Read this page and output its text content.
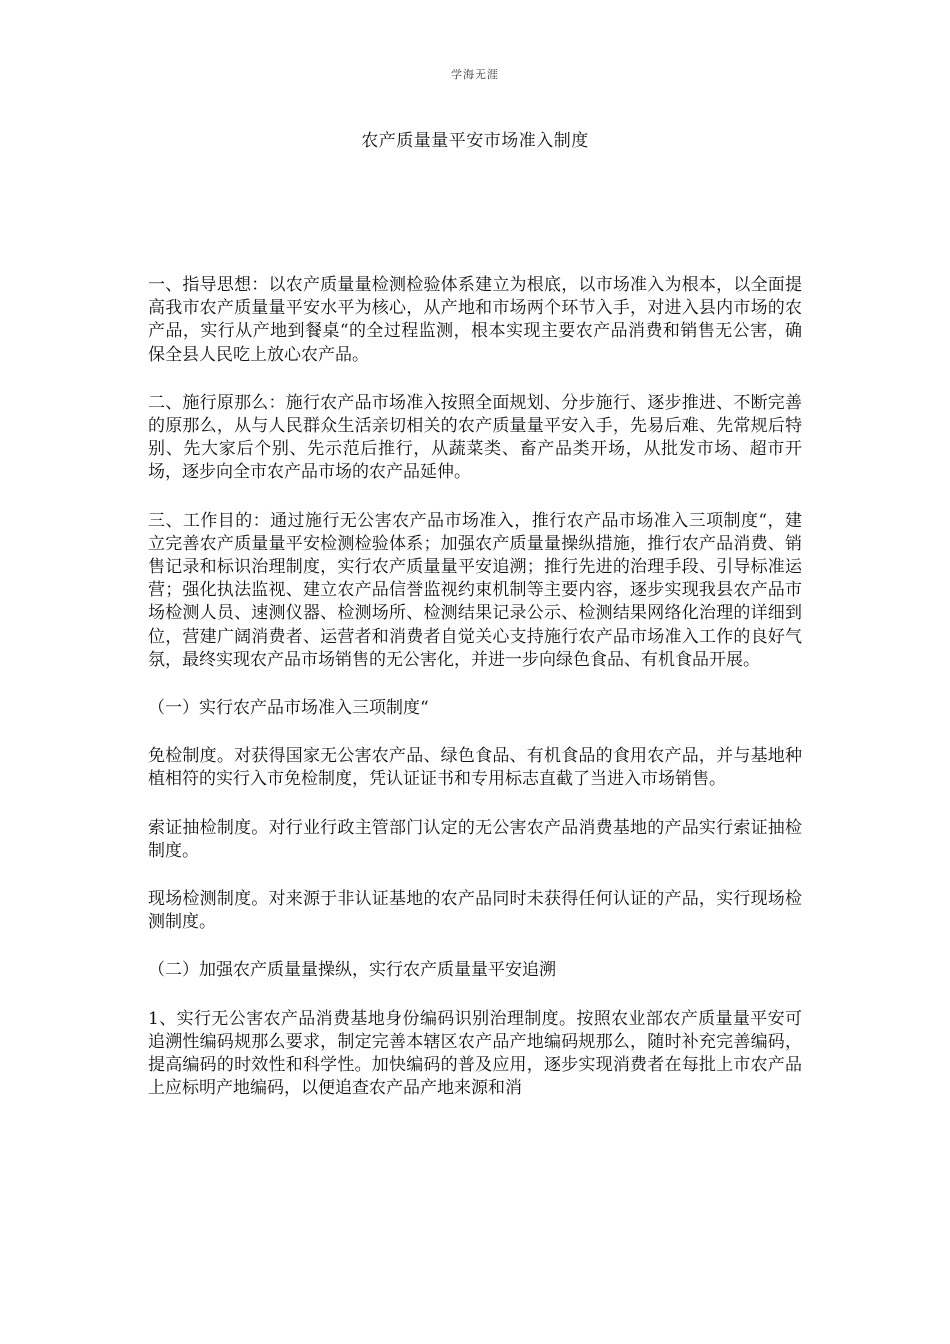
学海无涯
农产质量量平安市场准入制度

一、指导思想：以农产质量量检测检验体系建立为根底，以市场准入为根本，以全面提高我市农产质量量平安水平为核心，从产地和市场两个环节入手，对进入县内市场的农产品，实行从产地到餐桌“的全过程监测，根本实现主要农产品消费和销售无公害，确保全县人民吃上放心农产品。

二、施行原那么：施行农产品市场准入按照全面规划、分步施行、逐步推进、不断完善的原那么，从与人民群众生活亲切相关的农产质量量平安入手，先易后难、先常规后特别、先大家后个别、先示范后推行，从蔬菜类、畜产品类开场，从批发市场、超市开场，逐步向全市农产品市场的农产品延伸。

三、工作目的：通过施行无公害农产品市场准入，推行农产品市场准入三项制度“，建立完善农产质量量平安检测检验体系；加强农产质量量操纵措施，推行农产品消费、销售记录和标识治理制度，实行农产质量量平安追溯；推行先进的治理手段、引导标准运营；强化执法监视、建立农产品信誉监视约束机制等主要内容，逐步实现我县农产品市场检测人员、速测仪器、检测场所、检测结果记录公示、检测结果网络化治理的详细到位，营建广阔消费者、运营者和消费者自觉关心支持施行农产品市场准入工作的良好气氛，最终实现农产品市场销售的无公害化，并进一步向绿色食品、有机食品开展。

（一）实行农产品市场准入三项制度“

免检制度。对获得国家无公害农产品、绿色食品、有机食品的食用农产品，并与基地种植相符的实行入市免检制度，凭认证证书和专用标志直截了当进入市场销售。

索证抽检制度。对行业行政主管部门认定的无公害农产品消费基地的产品实行索证抽检制度。

现场检测制度。对来源于非认证基地的农产品同时未获得任何认证的产品，实行现场检测制度。

（二）加强农产质量量操纵，实行农产质量量平安追溯

1、实行无公害农产品消费基地身份编码识别治理制度。按照农业部农产质量量平安可追溯性编码规那么要求，制定完善本辖区农产品产地编码规那么，随时补充完善编码，提高编码的时效性和科学性。加快编码的普及应用，逐步实现消费者在每批上市农产品上应标明产地编码，以便追查农产品产地来源和消
